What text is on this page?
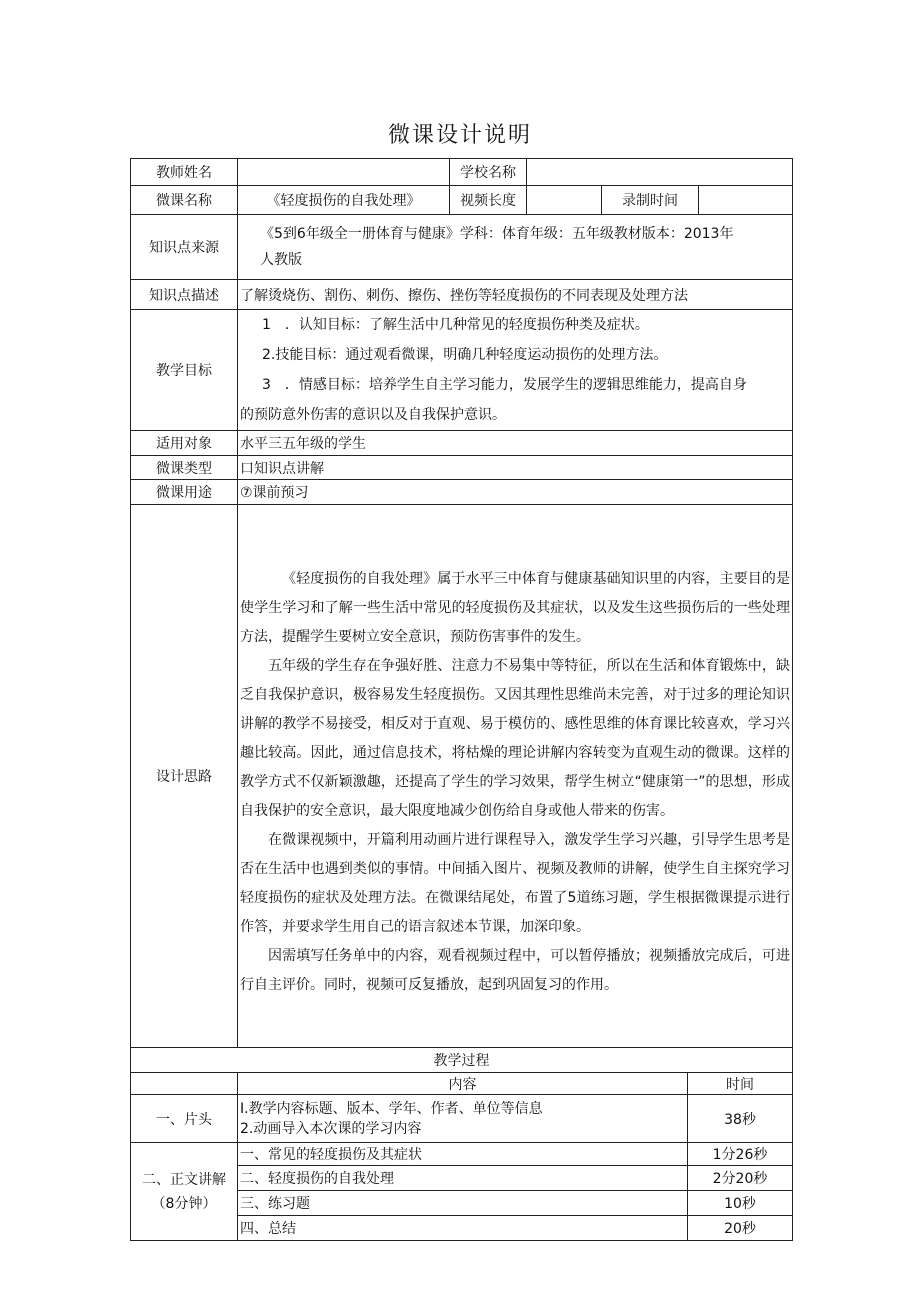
微课设计说明
教师姓名		学校名称				
微课名称	《轻度损伤的自我处理》	视频长度		录制时间		
知识点来源	《5到6年级全一册体育与健康》学科：体育年级：五年级教材版本：2013年
人教版					

知识点描述	了解烫烧伤、割伤、刺伤、擦伤、挫伤等轻度损伤的不同表现及处理方法					
教学目标	1　．认知目标：了解生活中几种常见的轻度损伤种类及症状。

2.技能目标：通过观看微课，明确几种轻度运动损伤的处理方法。

3　．情感目标：培养学生自主学习能力，发展学生的逻辑思维能力，提高自身

的预防意外伤害的意识以及自我保护意识。					

适用对象	水平三五年级的学生					
微课类型	口知识点讲解					
微课用途	⑦课前预习					
设计思路	《轻度损伤的自我处理》属于水平三中体育与健康基础知识里的内容，主要目的是使学生学习和了解一些生活中常见的轻度损伤及其症状，以及发生这些损伤后的一些处理方法，提醒学生要树立安全意识，预防伤害事件的发生。

五年级的学生存在争强好胜、注意力不易集中等特征，所以在生活和体育锻炼中，缺乏自我保护意识，极容易发生轻度损伤。又因其理性思维尚未完善，对于过多的理论知识讲解的教学不易接受，相反对于直观、易于模仿的、感性思维的体育课比较喜欢，学习兴趣比较高。因此，通过信息技术，将枯燥的理论讲解内容转变为直观生动的微课。这样的教学方式不仅新颖激趣，还提高了学生的学习效果，帮学生树立“健康第一”的思想，形成自我保护的安全意识，最大限度地减少创伤给自身或他人带来的伤害。

在微课视频中，开篇利用动画片进行课程导入，激发学生学习兴趣，引导学生思考是否在生活中也遇到类似的事情。中间插入图片、视频及教师的讲解，使学生自主探究学习轻度损伤的症状及处理方法。在微课结尾处，布置了5道练习题，学生根据微课提示进行作答，并要求学生用自己的语言叙述本节课，加深印象。

因需填写任务单中的内容，观看视频过程中，可以暂停播放；视频播放完成后，可进行自主评价。同时，视频可反复播放，起到巩固复习的作用。					

教学过程						
	内容				时间	
一、片头	Ⅰ.教学内容标题、版本、学年、作者、单位等信息
2.动画导入本次课的学习内容				38秒	

二、正文讲解
（8分钟）	一、常见的轻度损伤及其症状				1分26秒	
	二、轻度损伤的自我处理				2分20秒	
	三、练习题				10秒	
	四、总结				20秒	
